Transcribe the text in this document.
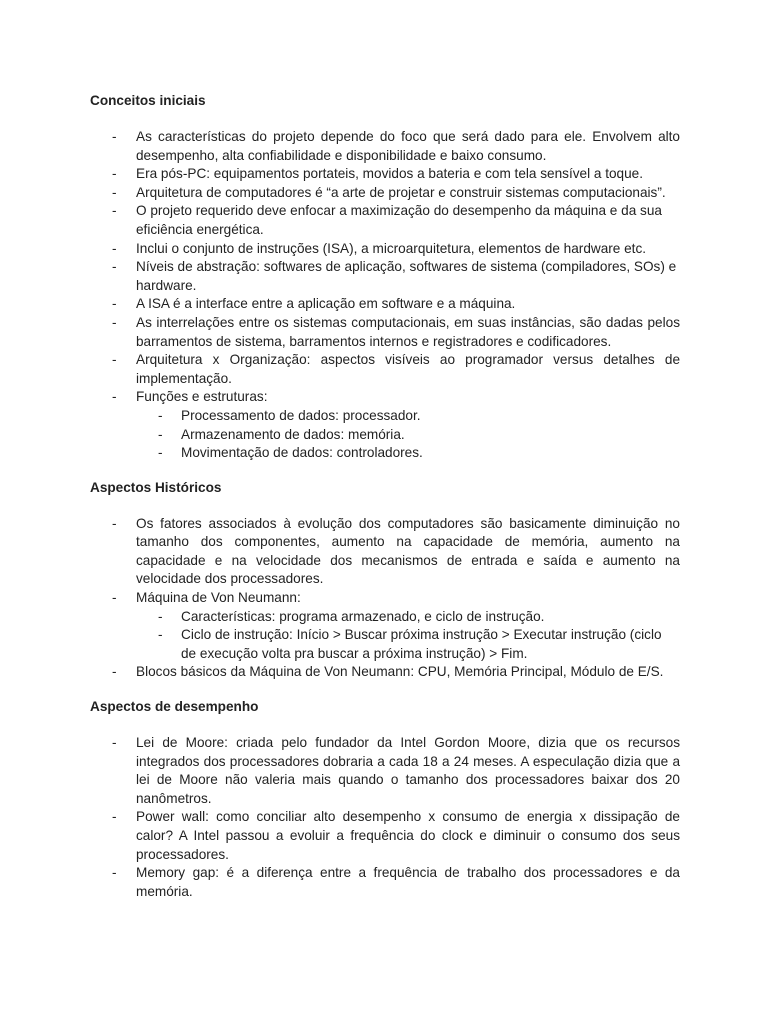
Conceitos iniciais

- As características do projeto depende do foco que será dado para ele. Envolvem alto desempenho, alta confiabilidade e disponibilidade e baixo consumo.
- Era pós-PC: equipamentos portateis, movidos a bateria e com tela sensível a toque.
- Arquitetura de computadores é “a arte de projetar e construir sistemas computacionais”.
- O projeto requerido deve enfocar a maximização do desempenho da máquina e da sua eficiência energética.
- Inclui o conjunto de instruções (ISA), a microarquitetura, elementos de hardware etc.
- Níveis de abstração: softwares de aplicação, softwares de sistema (compiladores, SOs) e hardware.
- A ISA é a interface entre a aplicação em software e a máquina.
- As interrelações entre os sistemas computacionais, em suas instâncias, são dadas pelos barramentos de sistema, barramentos internos e registradores e codificadores.
- Arquitetura x Organização: aspectos visíveis ao programador versus detalhes de implementação.
- Funções e estruturas:
- Processamento de dados: processador.
- Armazenamento de dados: memória.
- Movimentação de dados: controladores.

Aspectos Históricos

- Os fatores associados à evolução dos computadores são basicamente diminuição no tamanho dos componentes, aumento na capacidade de memória, aumento na capacidade e na velocidade dos mecanismos de entrada e saída e aumento na velocidade dos processadores.
- Máquina de Von Neumann:
- Características: programa armazenado, e ciclo de instrução.
- Ciclo de instrução: Início > Buscar próxima instrução > Executar instrução (ciclo de execução volta pra buscar a próxima instrução) > Fim.
- Blocos básicos da Máquina de Von Neumann: CPU, Memória Principal, Módulo de E/S.

Aspectos de desempenho

- Lei de Moore: criada pelo fundador da Intel Gordon Moore, dizia que os recursos integrados dos processadores dobraria a cada 18 a 24 meses. A especulação dizia que a lei de Moore não valeria mais quando o tamanho dos processadores baixar dos 20 nanômetros.
- Power wall: como conciliar alto desempenho x consumo de energia x dissipação de calor? A Intel passou a evoluir a frequência do clock e diminuir o consumo dos seus processadores.
- Memory gap: é a diferença entre a frequência de trabalho dos processadores e da memória.
